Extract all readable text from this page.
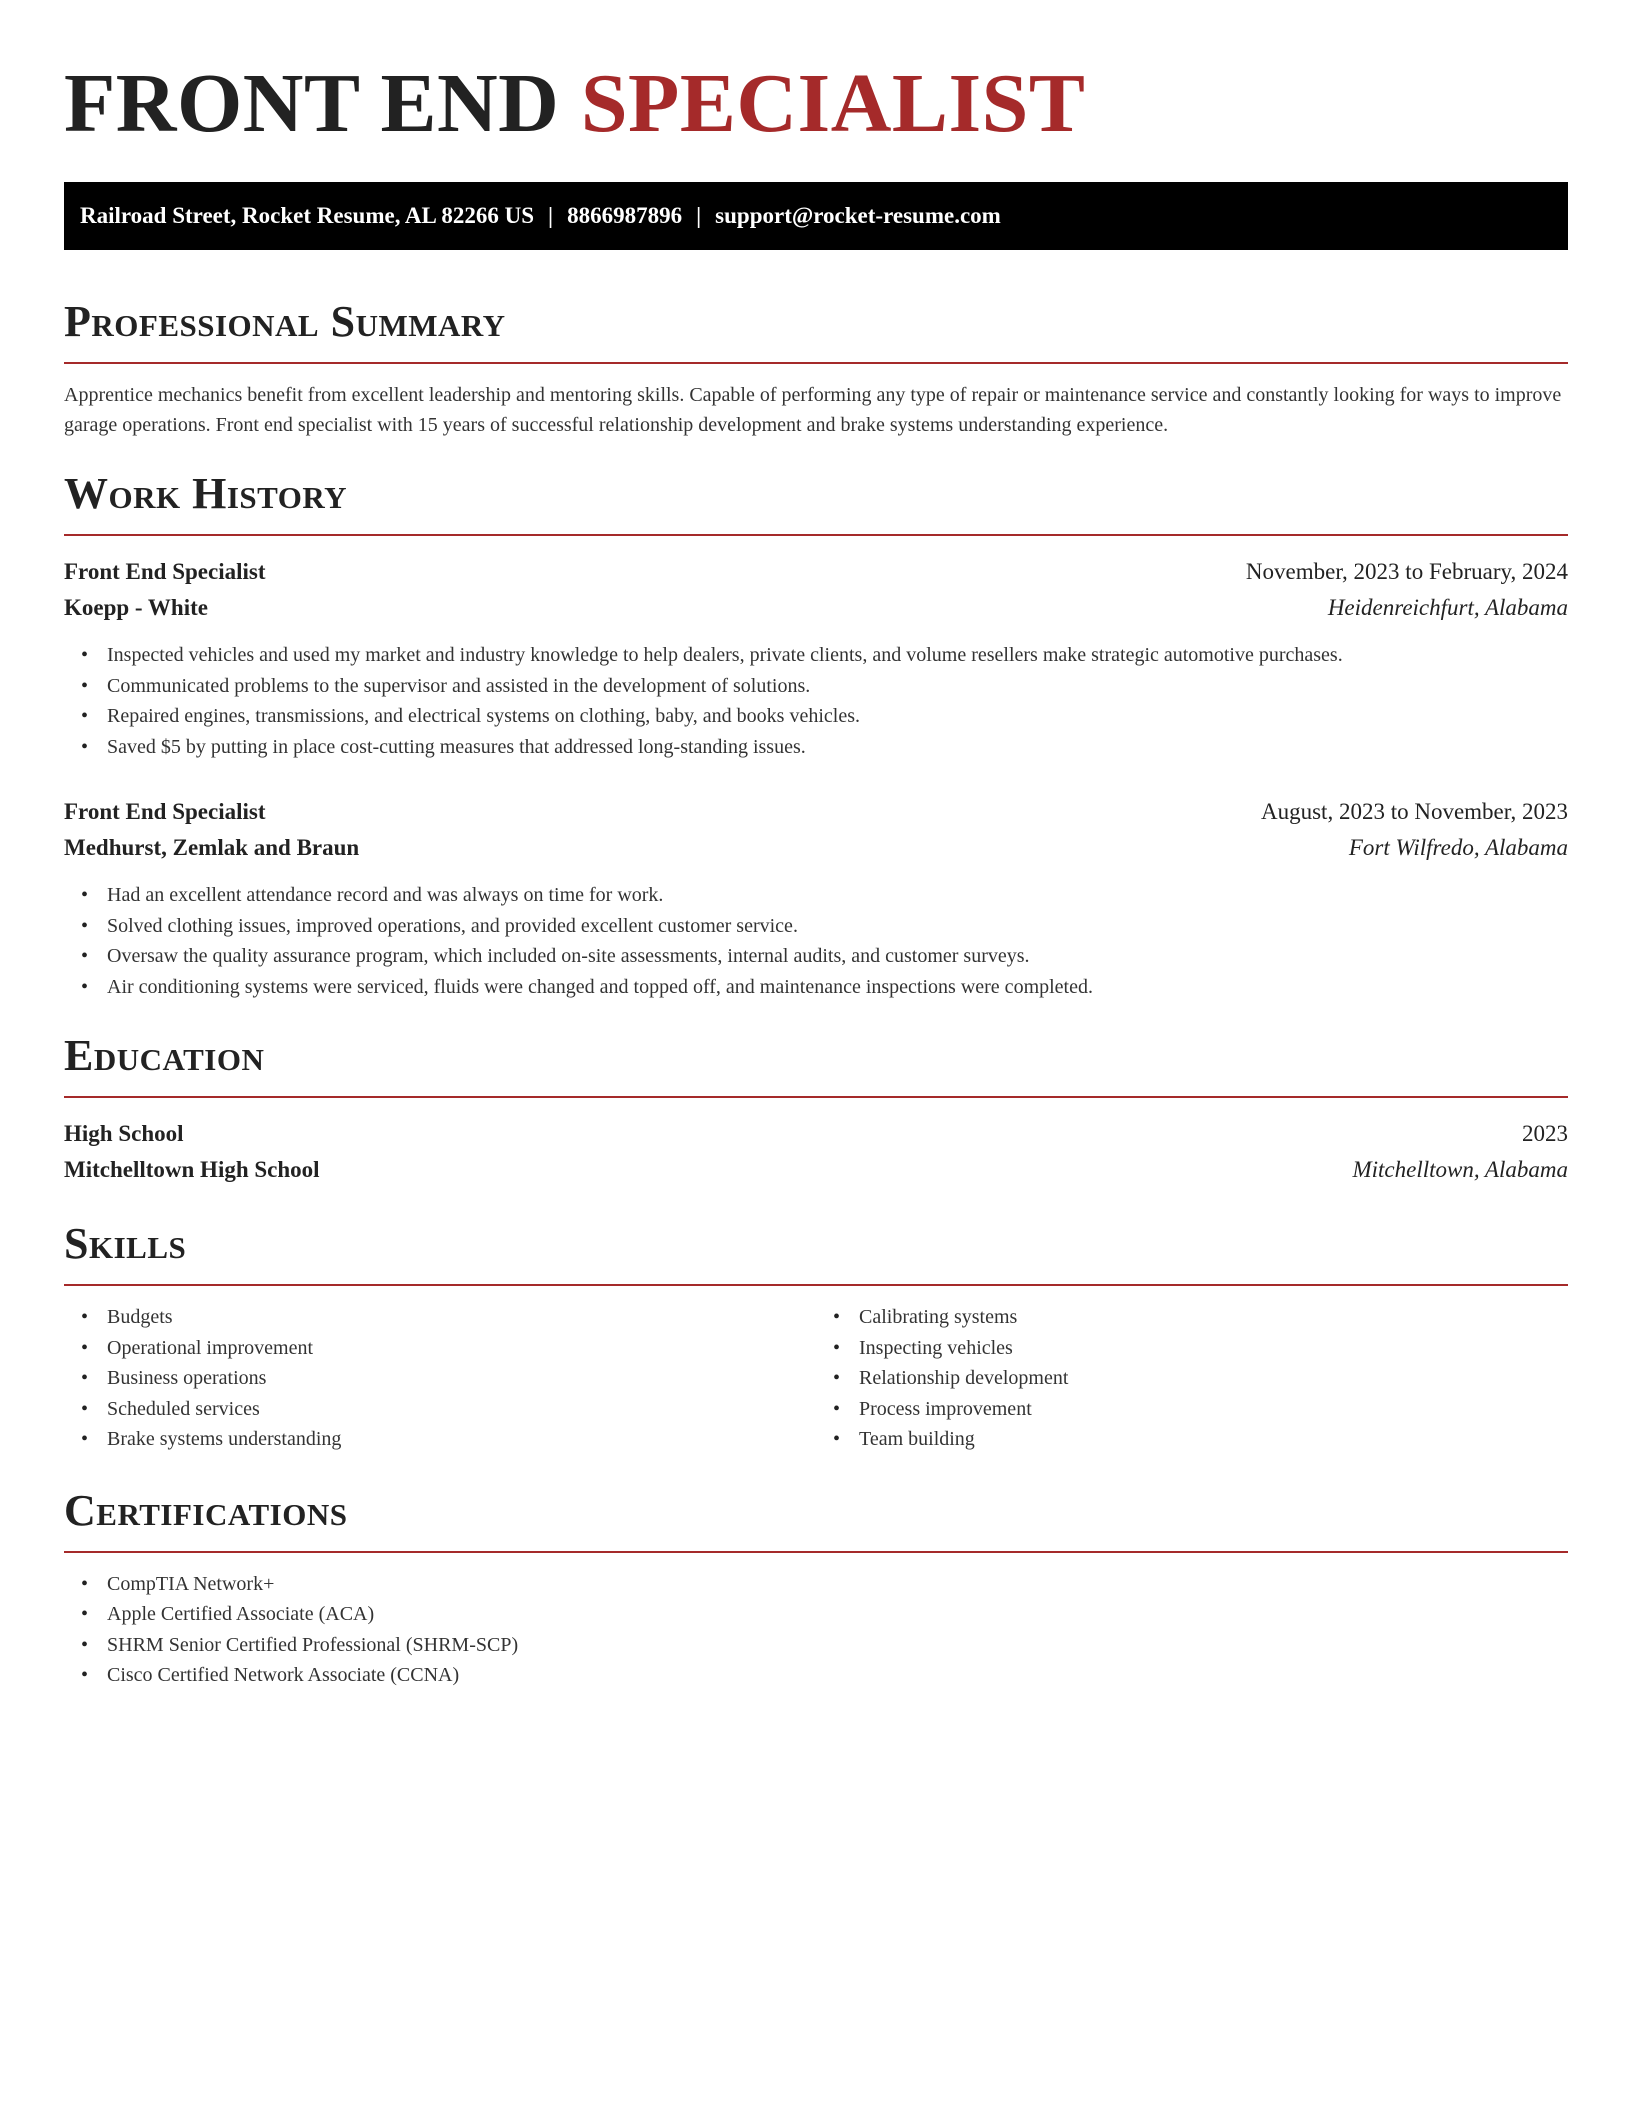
FRONT END SPECIALIST
Railroad Street, Rocket Resume, AL 82266 US | 8866987896 | support@rocket-resume.com
Professional Summary

Apprentice mechanics benefit from excellent leadership and mentoring skills. Capable of performing any type of repair or maintenance service and constantly looking for ways to improve garage operations. Front end specialist with 15 years of successful relationship development and brake systems understanding experience.

Work History
Front End Specialist	November, 2023 to February, 2024
Koepp - White	Heidenreichfurt, Alabama
• Inspected vehicles and used my market and industry knowledge to help dealers, private clients, and volume resellers make strategic automotive purchases.
• Communicated problems to the supervisor and assisted in the development of solutions.
• Repaired engines, transmissions, and electrical systems on clothing, baby, and books vehicles.
• Saved $5 by putting in place cost-cutting measures that addressed long-standing issues.
Front End Specialist	August, 2023 to November, 2023
Medhurst, Zemlak and Braun	Fort Wilfredo, Alabama
• Had an excellent attendance record and was always on time for work.
• Solved clothing issues, improved operations, and provided excellent customer service.
• Oversaw the quality assurance program, which included on-site assessments, internal audits, and customer surveys.
• Air conditioning systems were serviced, fluids were changed and topped off, and maintenance inspections were completed.
Education
High School	2023
Mitchelltown High School	Mitchelltown, Alabama
Skills
• Budgets
• Operational improvement
• Business operations
• Scheduled services
• Brake systems understanding
• Calibrating systems
• Inspecting vehicles
• Relationship development
• Process improvement
• Team building
Certifications
• CompTIA Network+
• Apple Certified Associate (ACA)
• SHRM Senior Certified Professional (SHRM-SCP)
• Cisco Certified Network Associate (CCNA)
